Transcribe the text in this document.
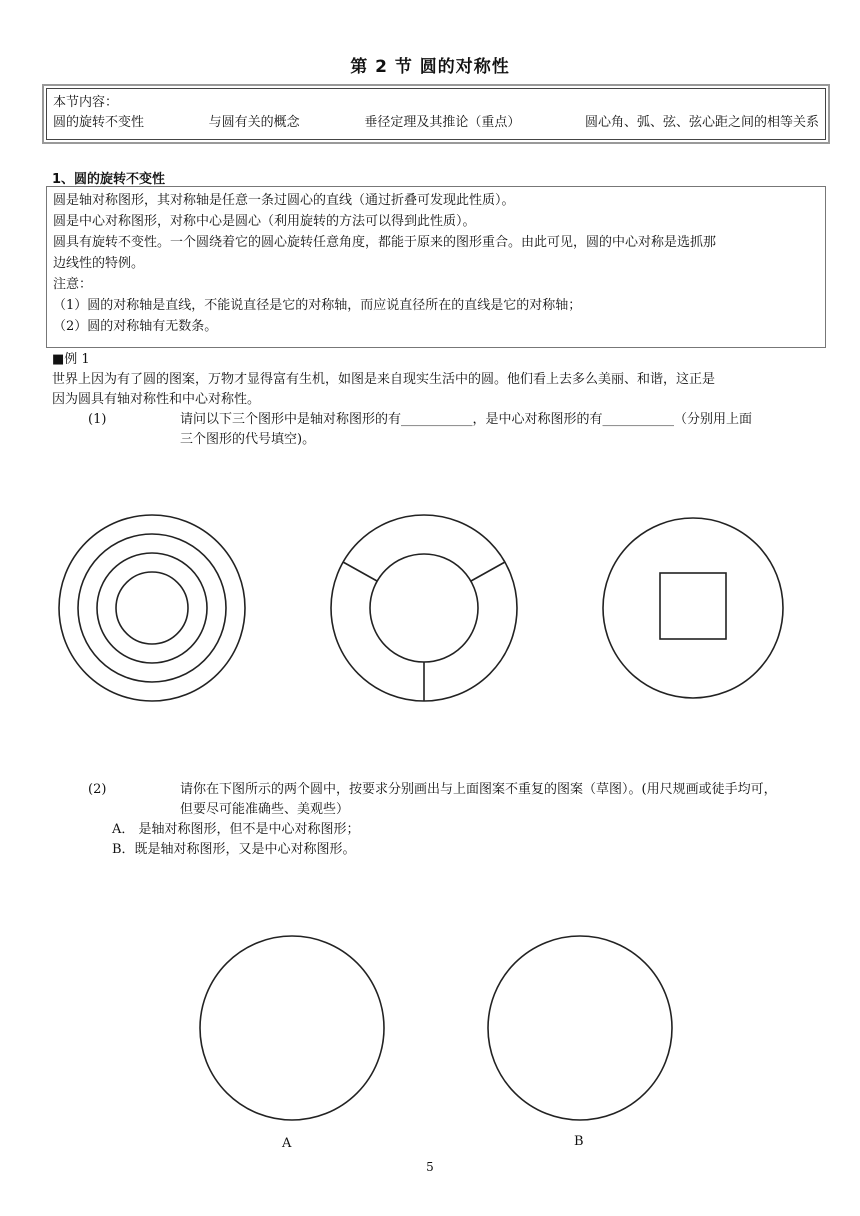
第 2 节 圆的对称性
本节内容：
圆的旋转不变性	与圆有关的概念	垂径定理及其推论（重点）	圆心角、弧、弦、弦心距之间的相等关系
1、圆的旋转不变性

圆是轴对称图形，其对称轴是任意一条过圆心的直线（通过折叠可发现此性质）。

圆是中心对称图形，对称中心是圆心（利用旋转的方法可以得到此性质）。

圆具有旋转不变性。一个圆绕着它的圆心旋转任意角度，都能于原来的图形重合。由此可见，圆的中心对称是选抓那

边线性的特例。

注意：

（1）圆的对称轴是直线，不能说直径是它的对称轴，而应说直径所在的直线是它的对称轴；

（2）圆的对称轴有无数条。

■例 1

世界上因为有了圆的图案，万物才显得富有生机，如图是来自现实生活中的圆。他们看上去多么美丽、和谐，这正是

因为圆具有轴对称性和中心对称性。

(1)	请问以下三个图形中是轴对称图形的有___________，是中心对称图形的有___________（分别用上面
三个图形的代号填空)。
(2)	请你在下图所示的两个圆中，按要求分别画出与上面图案不重复的图案（草图）。(用尺规画或徒手均可，
但要尽可能准确些、美观些）

A． 是轴对称图形，但不是中心对称图形；

B．既是轴对称图形，又是中心对称图形。

A	B
5
